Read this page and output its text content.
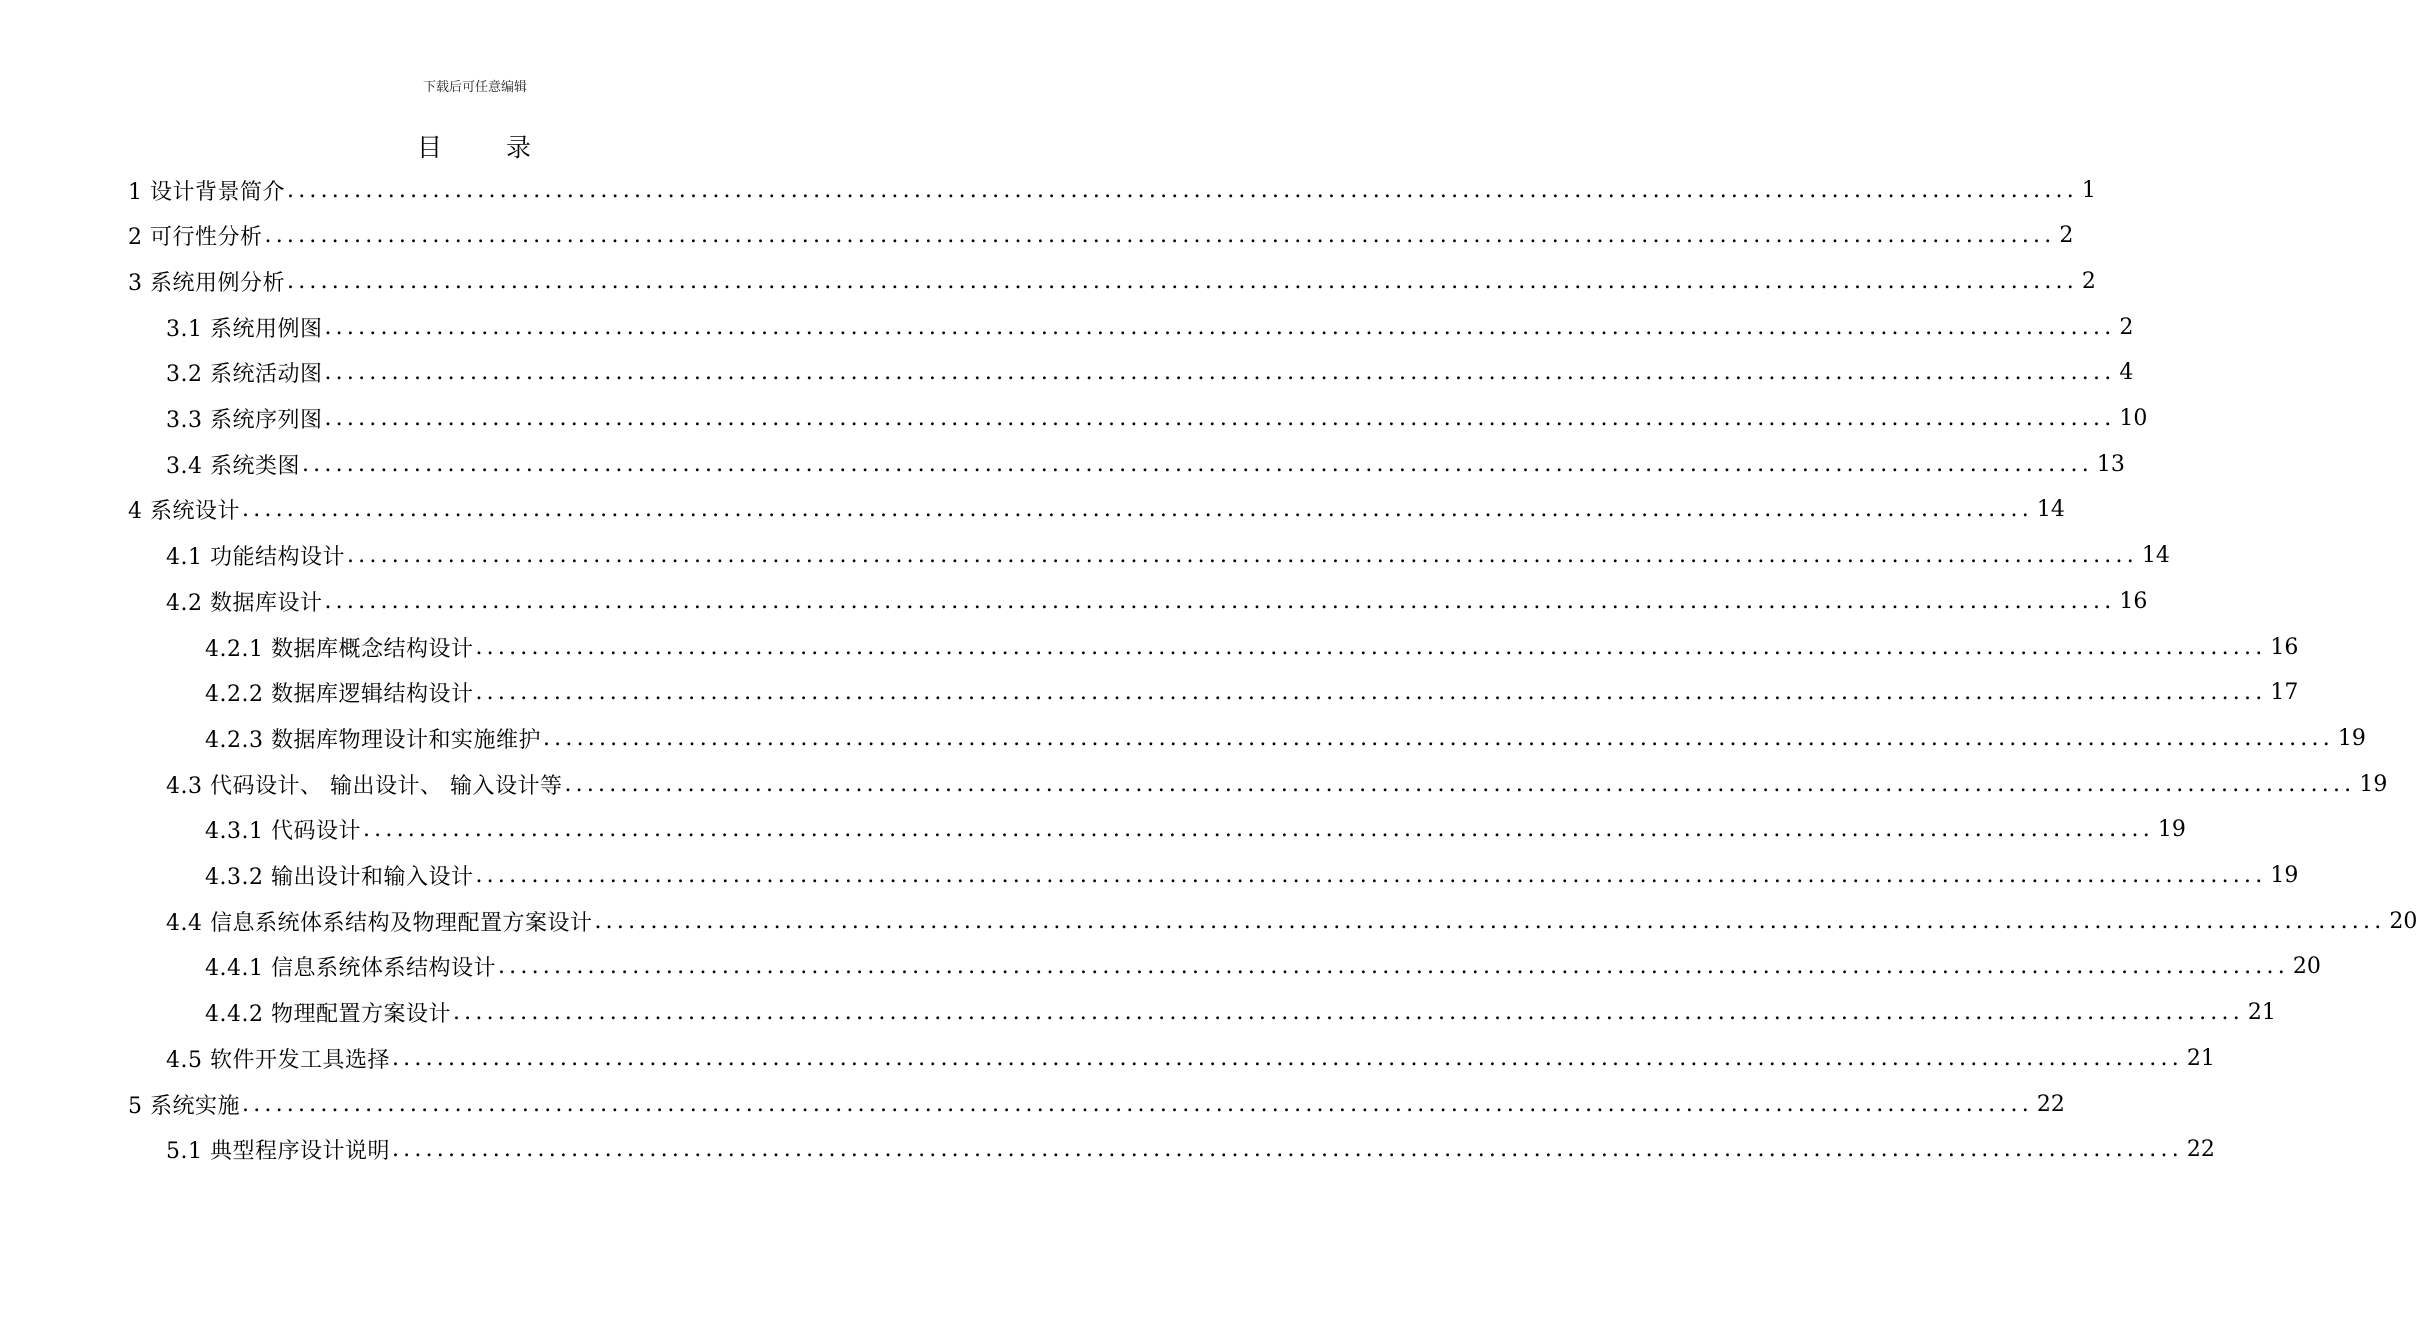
下载后可任意编辑
目 录
1 设计背景简介 ................................................................................................................................................................ 1
2 可行性分析 ................................................................................................................................................................ 2
3 系统用例分析 ................................................................................................................................................................ 2
3.1 系统用例图 ................................................................................................................................................................ 2
3.2 系统活动图 ................................................................................................................................................................ 4
3.3 系统序列图 ................................................................................................................................................................ 10
3.4 系统类图 ................................................................................................................................................................ 13
4 系统设计 ................................................................................................................................................................ 14
4.1 功能结构设计 ................................................................................................................................................................ 14
4.2 数据库设计 ................................................................................................................................................................ 16
4.2.1 数据库概念结构设计 ................................................................................................................................................................ 16
4.2.2 数据库逻辑结构设计 ................................................................................................................................................................ 17
4.2.3 数据库物理设计和实施维护 ................................................................................................................................................................ 19
4.3 代码设计、 输出设计、 输入设计等 ................................................................................................................................................................ 19
4.3.1 代码设计 ................................................................................................................................................................ 19
4.3.2 输出设计和输入设计 ................................................................................................................................................................ 19
4.4 信息系统体系结构及物理配置方案设计 ................................................................................................................................................................ 20
4.4.1 信息系统体系结构设计 ................................................................................................................................................................ 20
4.4.2 物理配置方案设计 ................................................................................................................................................................ 21
4.5 软件开发工具选择 ................................................................................................................................................................ 21
5 系统实施 ................................................................................................................................................................ 22
5.1 典型程序设计说明 ................................................................................................................................................................ 22
